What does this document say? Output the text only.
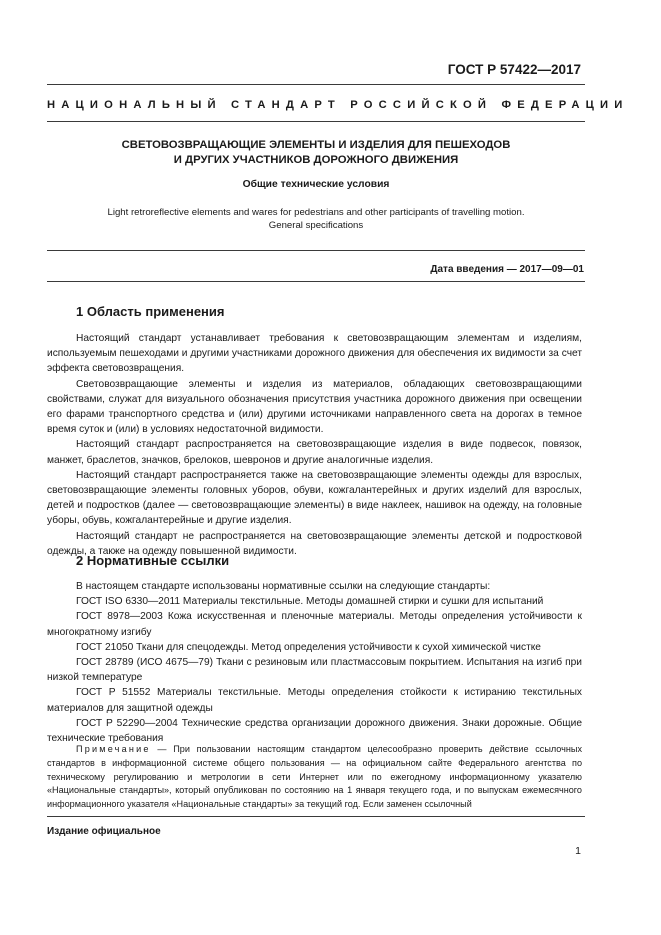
ГОСТ Р 57422—2017
НАЦИОНАЛЬНЫЙ СТАНДАРТ РОССИЙСКОЙ ФЕДЕРАЦИИ
СВЕТОВОЗВРАЩАЮЩИЕ ЭЛЕМЕНТЫ И ИЗДЕЛИЯ ДЛЯ ПЕШЕХОДОВ
И ДРУГИХ УЧАСТНИКОВ ДОРОЖНОГО ДВИЖЕНИЯ
Общие технические условия
Light retroreflective elements and wares for pedestrians and other participants of travelling motion.
General specifications
Дата введения — 2017—09—01
1 Область применения

Настоящий стандарт устанавливает требования к световозвращающим элементам и изделиям, используемым пешеходами и другими участниками дорожного движения для обеспечения их видимости за счет эффекта световозвращения.

Световозвращающие элементы и изделия из материалов, обладающих световозвращающими свойствами, служат для визуального обозначения присутствия участника дорожного движения при освещении его фарами транспортного средства и (или) другими источниками направленного света на дорогах в темное время суток и (или) в условиях недостаточной видимости.

Настоящий стандарт распространяется на световозвращающие изделия в виде подвесок, повязок, манжет, браслетов, значков, брелоков, шевронов и другие аналогичные изделия.

Настоящий стандарт распространяется также на световозвращающие элементы одежды для взрослых, световозвращающие элементы головных уборов, обуви, кожгалантерейных и других изделий для взрослых, детей и подростков (далее — световозвращающие элементы) в виде наклеек, нашивок на одежду, на головные уборы, обувь, кожгалантерейные и другие изделия.

Настоящий стандарт не распространяется на световозвращающие элементы детской и подростковой одежды, а также на одежду повышенной видимости.

2 Нормативные ссылки

В настоящем стандарте использованы нормативные ссылки на следующие стандарты:

ГОСТ ISO 6330—2011 Материалы текстильные. Методы домашней стирки и сушки для испытаний

ГОСТ 8978—2003 Кожа искусственная и пленочные материалы. Методы определения устойчивости к многократному изгибу

ГОСТ 21050 Ткани для спецодежды. Метод определения устойчивости к сухой химической чистке

ГОСТ 28789 (ИСО 4675—79) Ткани с резиновым или пластмассовым покрытием. Испытания на изгиб при низкой температуре

ГОСТ Р 51552 Материалы текстильные. Методы определения стойкости к истиранию текстильных материалов для защитной одежды

ГОСТ Р 52290—2004 Технические средства организации дорожного движения. Знаки дорожные. Общие технические требования

Примечание — При пользовании настоящим стандартом целесообразно проверить действие ссылочных стандартов в информационной системе общего пользования — на официальном сайте Федерального агентства по техническому регулированию и метрологии в сети Интернет или по ежегодному информационному указателю «Национальные стандарты», который опубликован по состоянию на 1 января текущего года, и по выпускам ежемесячного информационного указателя «Национальные стандарты» за текущий год. Если заменен ссылочный

Издание официальное
1
